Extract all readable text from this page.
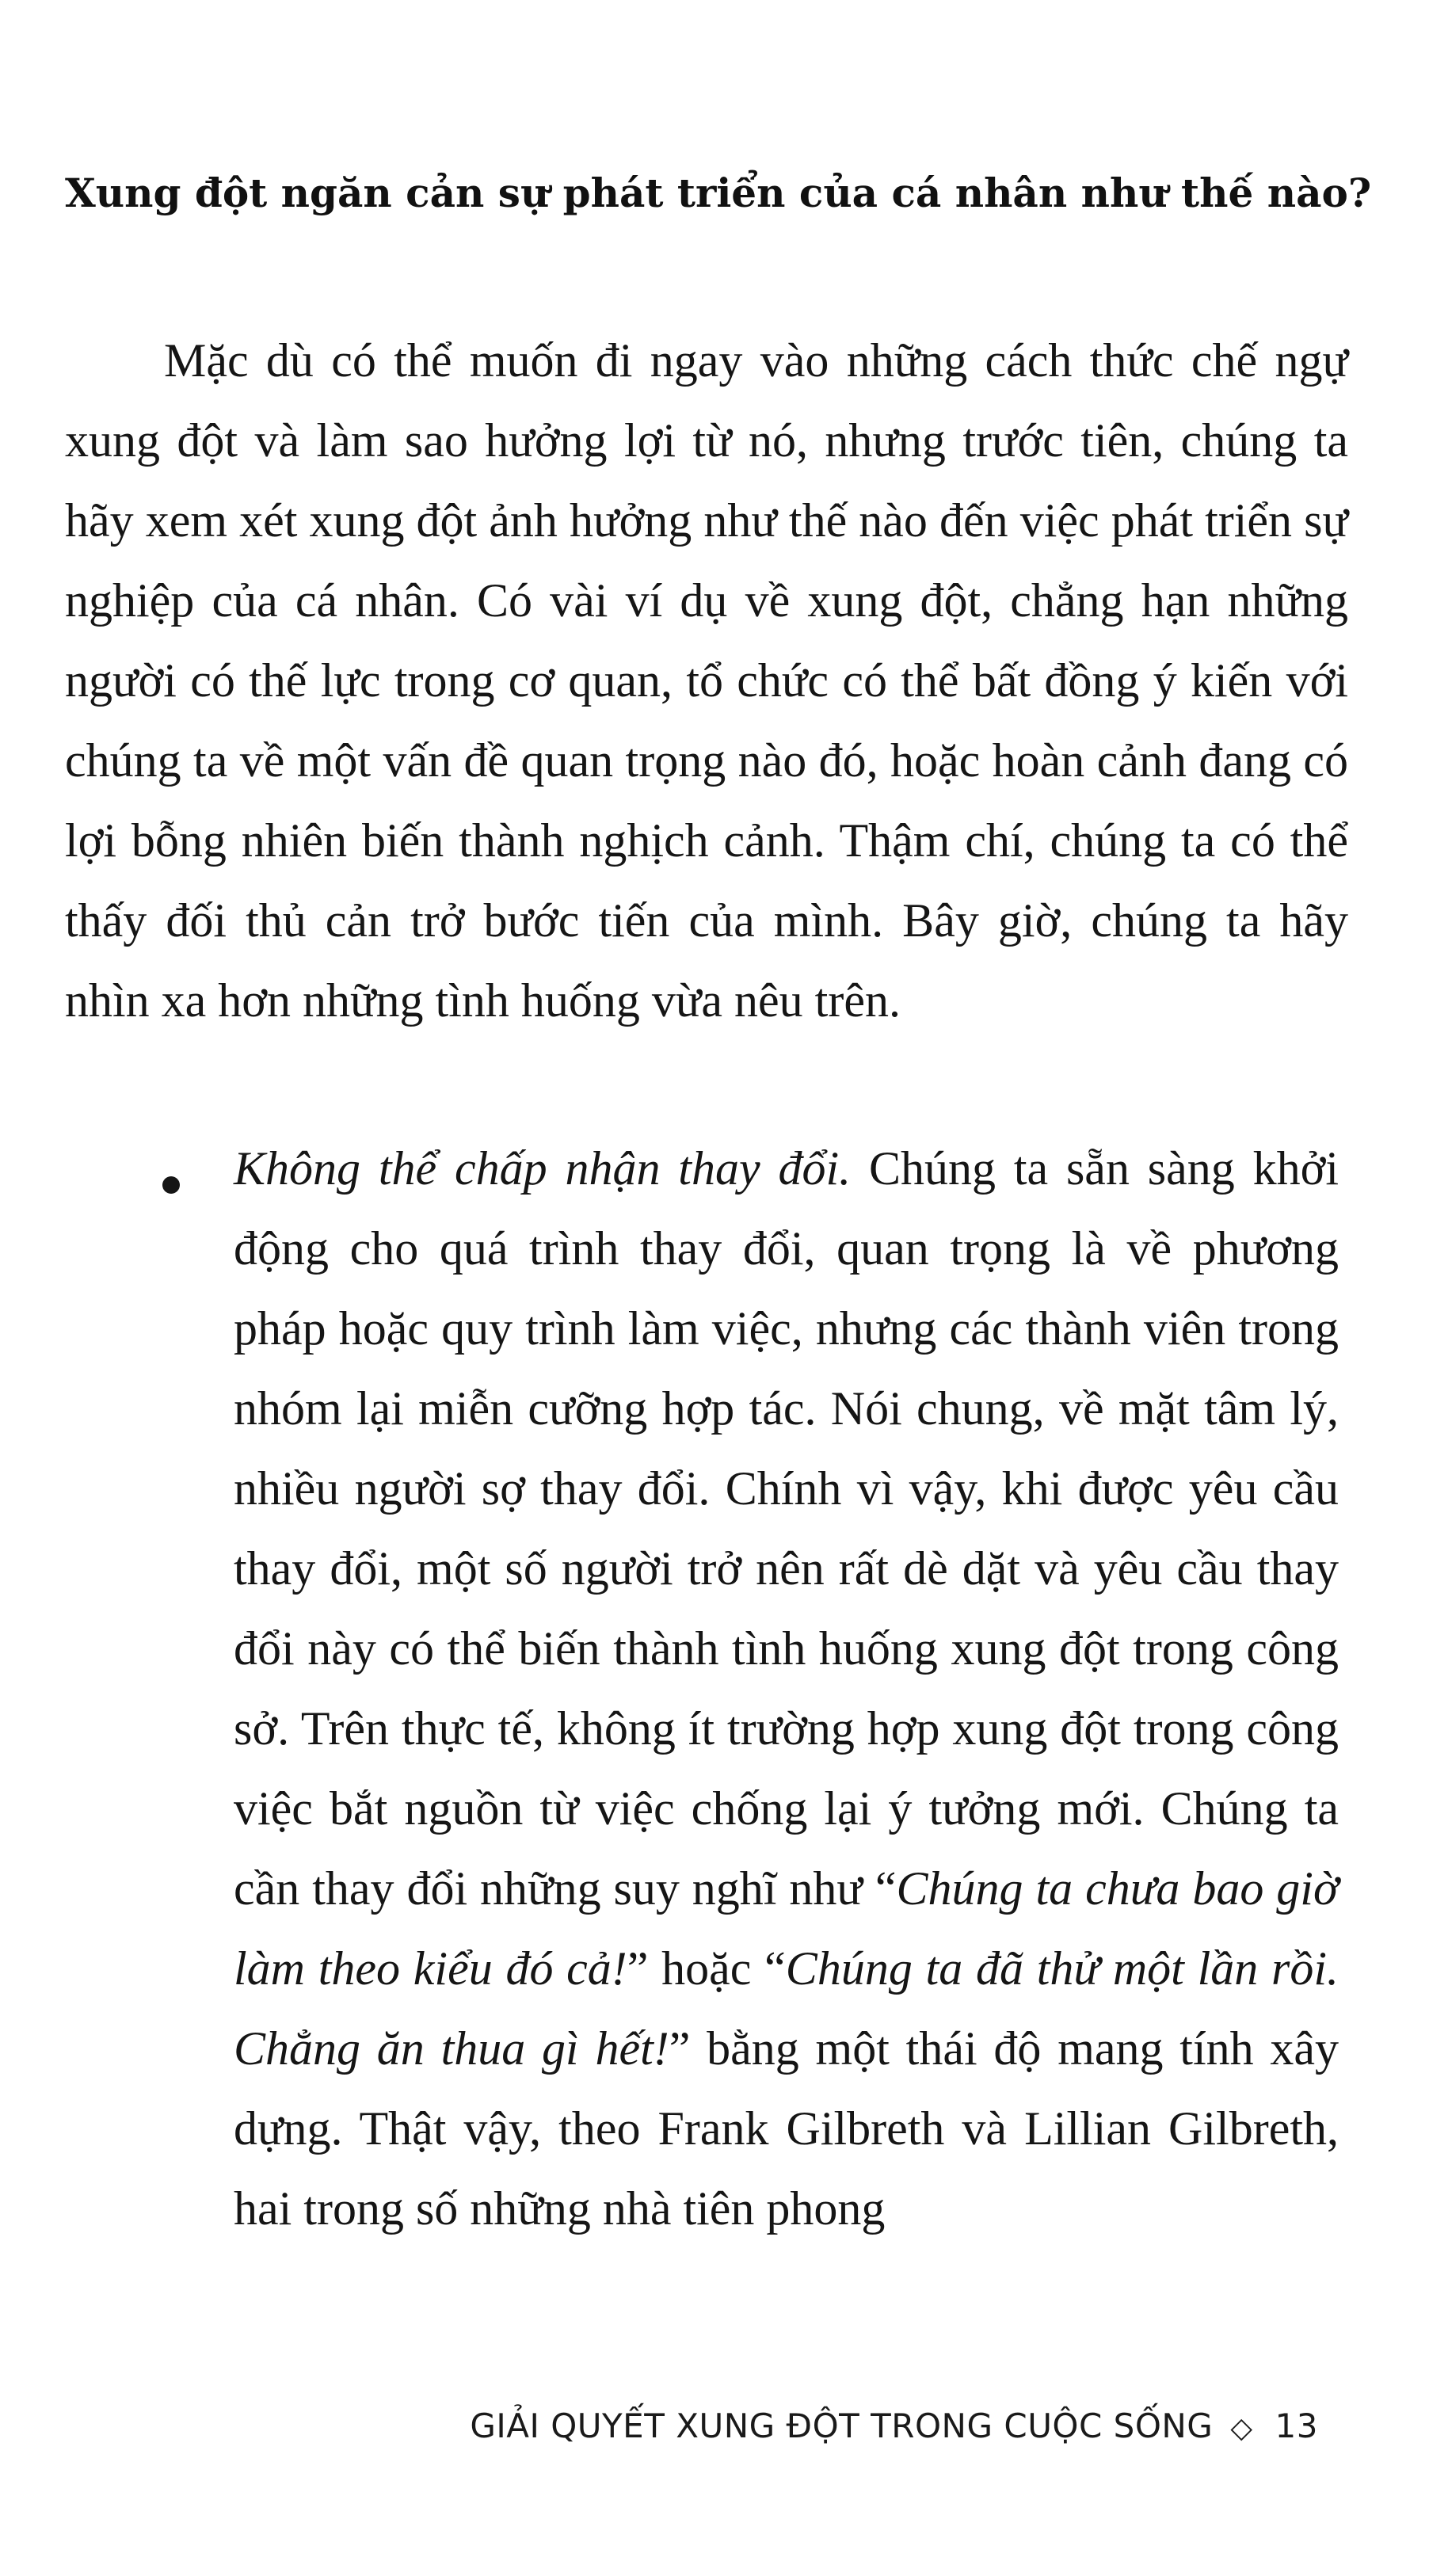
Xung đột ngăn cản sự phát triển của cá nhân như thế nào?

Mặc dù có thể muốn đi ngay vào những cách thức chế ngự xung đột và làm sao hưởng lợi từ nó, nhưng trước tiên, chúng ta hãy xem xét xung đột ảnh hưởng như thế nào đến việc phát triển sự nghiệp của cá nhân. Có vài ví dụ về xung đột, chẳng hạn những người có thế lực trong cơ quan, tổ chức có thể bất đồng ý kiến với chúng ta về một vấn đề quan trọng nào đó, hoặc hoàn cảnh đang có lợi bỗng nhiên biến thành nghịch cảnh. Thậm chí, chúng ta có thể thấy đối thủ cản trở bước tiến của mình. Bây giờ, chúng ta hãy nhìn xa hơn những tình huống vừa nêu trên.

Không thể chấp nhận thay đổi. Chúng ta sẵn sàng khởi động cho quá trình thay đổi, quan trọng là về phương pháp hoặc quy trình làm việc, nhưng các thành viên trong nhóm lại miễn cưỡng hợp tác. Nói chung, về mặt tâm lý, nhiều người sợ thay đổi. Chính vì vậy, khi được yêu cầu thay đổi, một số người trở nên rất dè dặt và yêu cầu thay đổi này có thể biến thành tình huống xung đột trong công sở. Trên thực tế, không ít trường hợp xung đột trong công việc bắt nguồn từ việc chống lại ý tưởng mới. Chúng ta cần thay đổi những suy nghĩ như “Chúng ta chưa bao giờ làm theo kiểu đó cả!” hoặc “Chúng ta đã thử một lần rồi. Chẳng ăn thua gì hết!” bằng một thái độ mang tính xây dựng. Thật vậy, theo Frank Gilbreth và Lillian Gilbreth, hai trong số những nhà tiên phong

GIẢI QUYẾT XUNG ĐỘT TRONG CUỘC SỐNG ◇ 13
